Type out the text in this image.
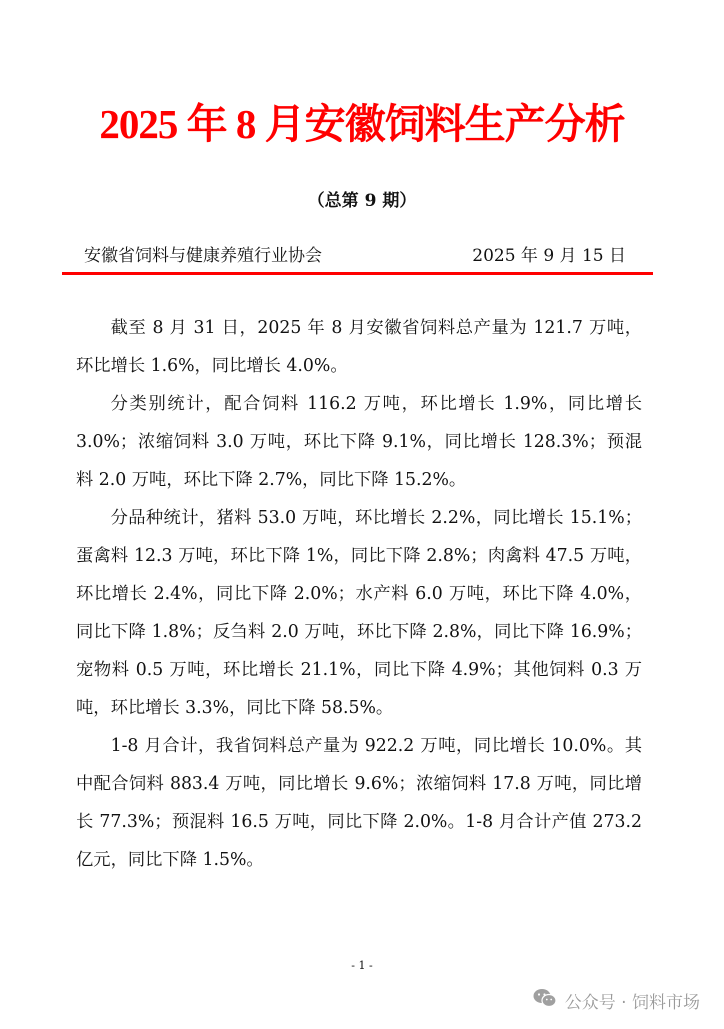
2025 年 8 月安徽饲料生产分析
（总第 9 期）
安徽省饲料与健康养殖行业协会	2025 年 9 月 15 日

截至 8 月 31 日，2025 年 8 月安徽省饲料总产量为 121.7 万吨，环比增长 1.6%，同比增长 4.0%。

分类别统计，配合饲料 116.2 万吨，环比增长 1.9%，同比增长 3.0%；浓缩饲料 3.0 万吨，环比下降 9.1%，同比增长 128.3%；预混料 2.0 万吨，环比下降 2.7%，同比下降 15.2%。

分品种统计，猪料 53.0 万吨，环比增长 2.2%，同比增长 15.1%；蛋禽料 12.3 万吨，环比下降 1%，同比下降 2.8%；肉禽料 47.5 万吨，环比增长 2.4%，同比下降 2.0%；水产料 6.0 万吨，环比下降 4.0%，同比下降 1.8%；反刍料 2.0 万吨，环比下降 2.8%，同比下降 16.9%；宠物料 0.5 万吨，环比增长 21.1%，同比下降 4.9%；其他饲料 0.3 万吨，环比增长 3.3%，同比下降 58.5%。

1-8 月合计，我省饲料总产量为 922.2 万吨，同比增长 10.0%。其中配合饲料 883.4 万吨，同比增长 9.6%；浓缩饲料 17.8 万吨，同比增长 77.3%；预混料 16.5 万吨，同比下降 2.0%。1-8 月合计产值 273.2 亿元，同比下降 1.5%。

- 1 -
公众号 · 饲料市场
